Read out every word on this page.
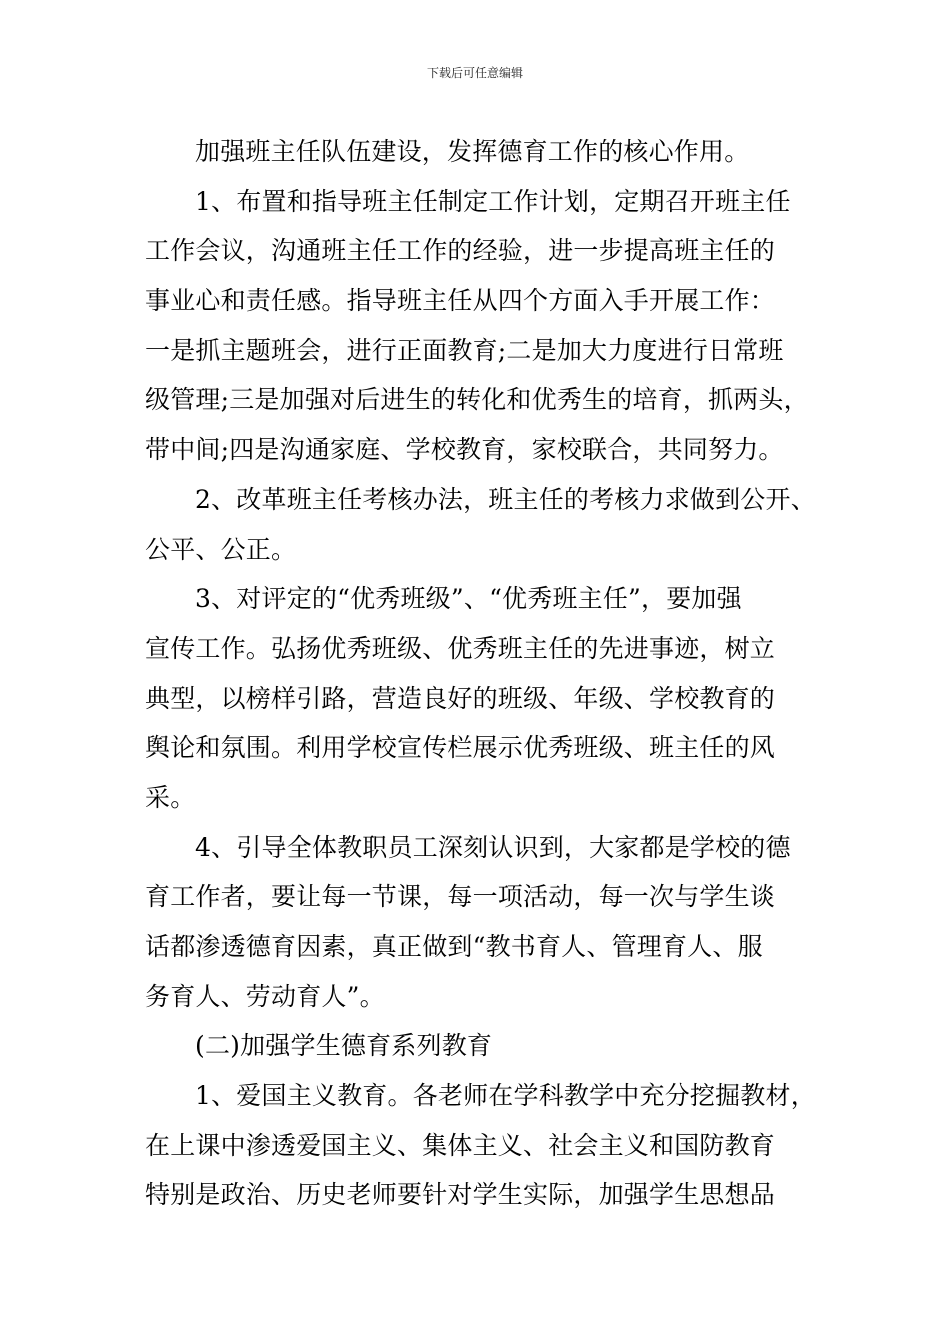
下载后可任意编辑
加强班主任队伍建设，发挥德育工作的核心作用。
1、布置和指导班主任制定工作计划，定期召开班主任
工作会议，沟通班主任工作的经验，进一步提高班主任的
事业心和责任感。指导班主任从四个方面入手开展工作：
一是抓主题班会，进行正面教育;二是加大力度进行日常班
级管理;三是加强对后进生的转化和优秀生的培育，抓两头，
带中间;四是沟通家庭、学校教育，家校联合，共同努力。
2、改革班主任考核办法，班主任的考核力求做到公开、
公平、公正。
3、对评定的“优秀班级”、“优秀班主任”，要加强
宣传工作。弘扬优秀班级、优秀班主任的先进事迹，树立
典型，以榜样引路，营造良好的班级、年级、学校教育的
舆论和氛围。利用学校宣传栏展示优秀班级、班主任的风
采。
4、引导全体教职员工深刻认识到，大家都是学校的德
育工作者，要让每一节课，每一项活动，每一次与学生谈
话都渗透德育因素，真正做到“教书育人、管理育人、服
务育人、劳动育人”。
(二)加强学生德育系列教育
1、爱国主义教育。各老师在学科教学中充分挖掘教材，
在上课中渗透爱国主义、集体主义、社会主义和国防教育
特别是政治、历史老师要针对学生实际，加强学生思想品
